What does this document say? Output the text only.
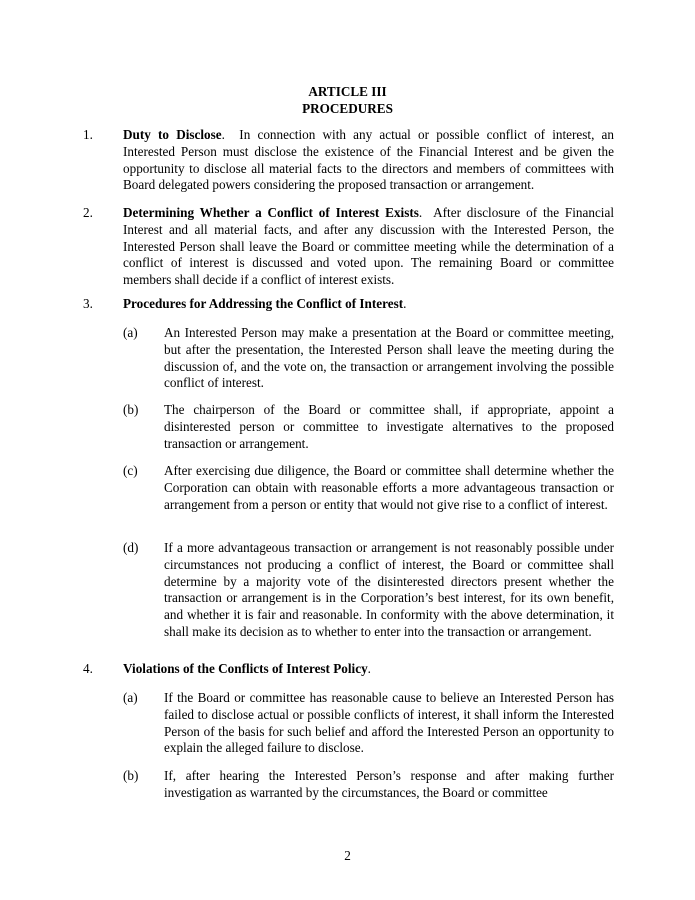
ARTICLE III
PROCEDURES
1. Duty to Disclose. In connection with any actual or possible conflict of interest, an Interested Person must disclose the existence of the Financial Interest and be given the opportunity to disclose all material facts to the directors and members of committees with Board delegated powers considering the proposed transaction or arrangement.
2. Determining Whether a Conflict of Interest Exists. After disclosure of the Financial Interest and all material facts, and after any discussion with the Interested Person, the Interested Person shall leave the Board or committee meeting while the determination of a conflict of interest is discussed and voted upon. The remaining Board or committee members shall decide if a conflict of interest exists.
3. Procedures for Addressing the Conflict of Interest.
(a) An Interested Person may make a presentation at the Board or committee meeting, but after the presentation, the Interested Person shall leave the meeting during the discussion of, and the vote on, the transaction or arrangement involving the possible conflict of interest.
(b) The chairperson of the Board or committee shall, if appropriate, appoint a disinterested person or committee to investigate alternatives to the proposed transaction or arrangement.
(c) After exercising due diligence, the Board or committee shall determine whether the Corporation can obtain with reasonable efforts a more advantageous transaction or arrangement from a person or entity that would not give rise to a conflict of interest.
(d) If a more advantageous transaction or arrangement is not reasonably possible under circumstances not producing a conflict of interest, the Board or committee shall determine by a majority vote of the disinterested directors present whether the transaction or arrangement is in the Corporation’s best interest, for its own benefit, and whether it is fair and reasonable. In conformity with the above determination, it shall make its decision as to whether to enter into the transaction or arrangement.
4. Violations of the Conflicts of Interest Policy.
(a) If the Board or committee has reasonable cause to believe an Interested Person has failed to disclose actual or possible conflicts of interest, it shall inform the Interested Person of the basis for such belief and afford the Interested Person an opportunity to explain the alleged failure to disclose.
(b) If, after hearing the Interested Person’s response and after making further investigation as warranted by the circumstances, the Board or committee
2
